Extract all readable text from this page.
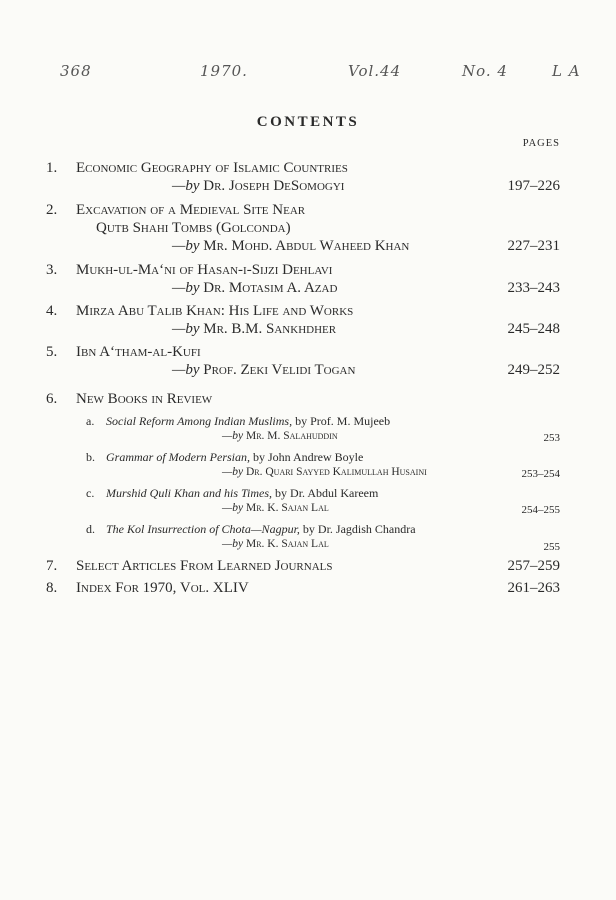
368	1970.	Vol.44	No. 4	L A
CONTENTS
PAGES
1. Economic Geography of Islamic Countries
—by Dr. Joseph DeSomogyi	197–226
2. Excavation of a Medieval Site Near
Qutb Shahi Tombs (Golconda)
—by Mr. Mohd. Abdul Waheed Khan	227–231
3. Mukh-ul-Ma‘ni of Hasan-i-Sijzi Dehlavi
—by Dr. Motasim A. Azad	233–243
4. Mirza Abu Talib Khan: His Life and Works
—by Mr. B.M. Sankhdher	245–248
5. Ibn A‘tham-al-Kufi
—by Prof. Zeki Velidi Togan	249–252
6. New Books in Review
a. Social Reform Among Indian Muslims, by Prof. M. Mujeeb
—by Mr. M. Salahuddin	253
b. Grammar of Modern Persian, by John Andrew Boyle
—by Dr. Quari Sayyed Kalimullah Husaini	253–254
c. Murshid Quli Khan and his Times, by Dr. Abdul Kareem
—by Mr. K. Sajan Lal	254–255
d. The Kol Insurrection of Chota—Nagpur, by Dr. Jagdish Chandra
—by Mr. K. Sajan Lal	255
7. Select Articles From Learned Journals	257–259
8. Index For 1970, Vol. XLIV	261–263
